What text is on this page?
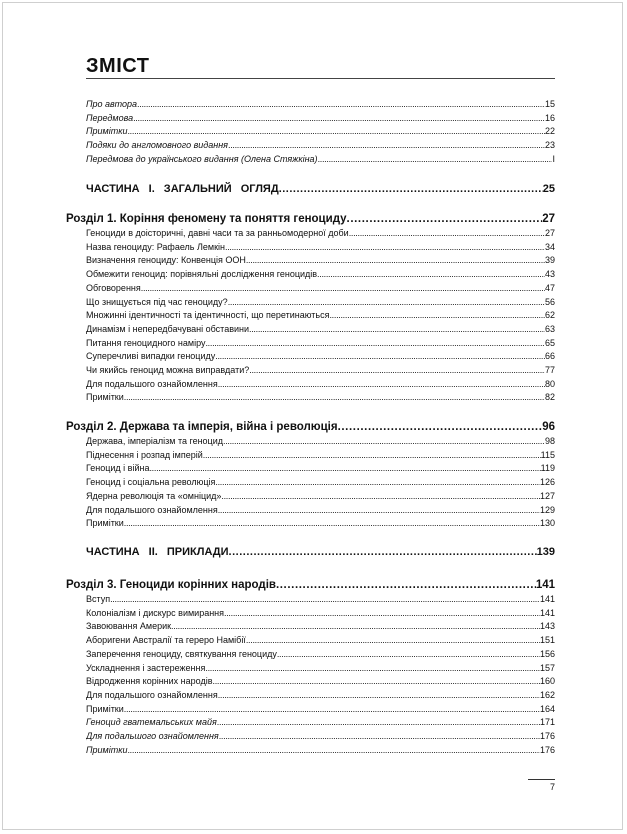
ЗМІСТ
Про автора .....	15
Передмова .....	16
Примітки .....	22
Подяки до англомовного видання .....	23
Передмова до українського видання (Олена Стяжкіна) .....	I
ЧАСТИНА I. ЗАГАЛЬНИЙ ОГЛЯД .....	25
Розділ 1. Коріння феномену та поняття геноциду .....	27
Геноциди в доісторичні, давні часи та за ранньомодерної доби .....	27
Назва геноциду: Рафаель Лемкін .....	34
Визначення геноциду: Конвенція ООН .....	39
Обмежити геноцид: порівняльні дослідження геноцидів .....	43
Обговорення .....	47
Що знищується під час геноциду? .....	56
Множинні ідентичності та ідентичності, що перетинаються .....	62
Динамізм і непередбачувані обставини .....	63
Питання геноцидного наміру .....	65
Суперечливі випадки геноциду .....	66
Чи якийсь геноцид можна виправдати? .....	77
Для подальшого ознайомлення .....	80
Примітки .....	82
Розділ 2. Держава та імперія, війна і революція .....	96
Держава, імперіалізм та геноцид .....	98
Піднесення і розпад імперій .....	115
Геноцид і війна .....	119
Геноцид і соціальна революція .....	126
Ядерна революція та «омніцид» .....	127
Для подальшого ознайомлення .....	129
Примітки .....	130
ЧАСТИНА II. ПРИКЛАДИ .....	139
Розділ 3. Геноциди корінних народів .....	141
Вступ .....	141
Колоніалізм і дискурс вимирання .....	141
Завоювання Америк .....	143
Аборигени Австралії та гереро Намібії .....	151
Заперечення геноциду, святкування геноциду .....	156
Ускладнення і застереження .....	157
Відродження корінних народів .....	160
Для подальшого ознайомлення .....	162
Примітки .....	164
Геноцид гватемальських майя .....	171
Для подальшого ознайомлення .....	176
Примітки .....	176
7
